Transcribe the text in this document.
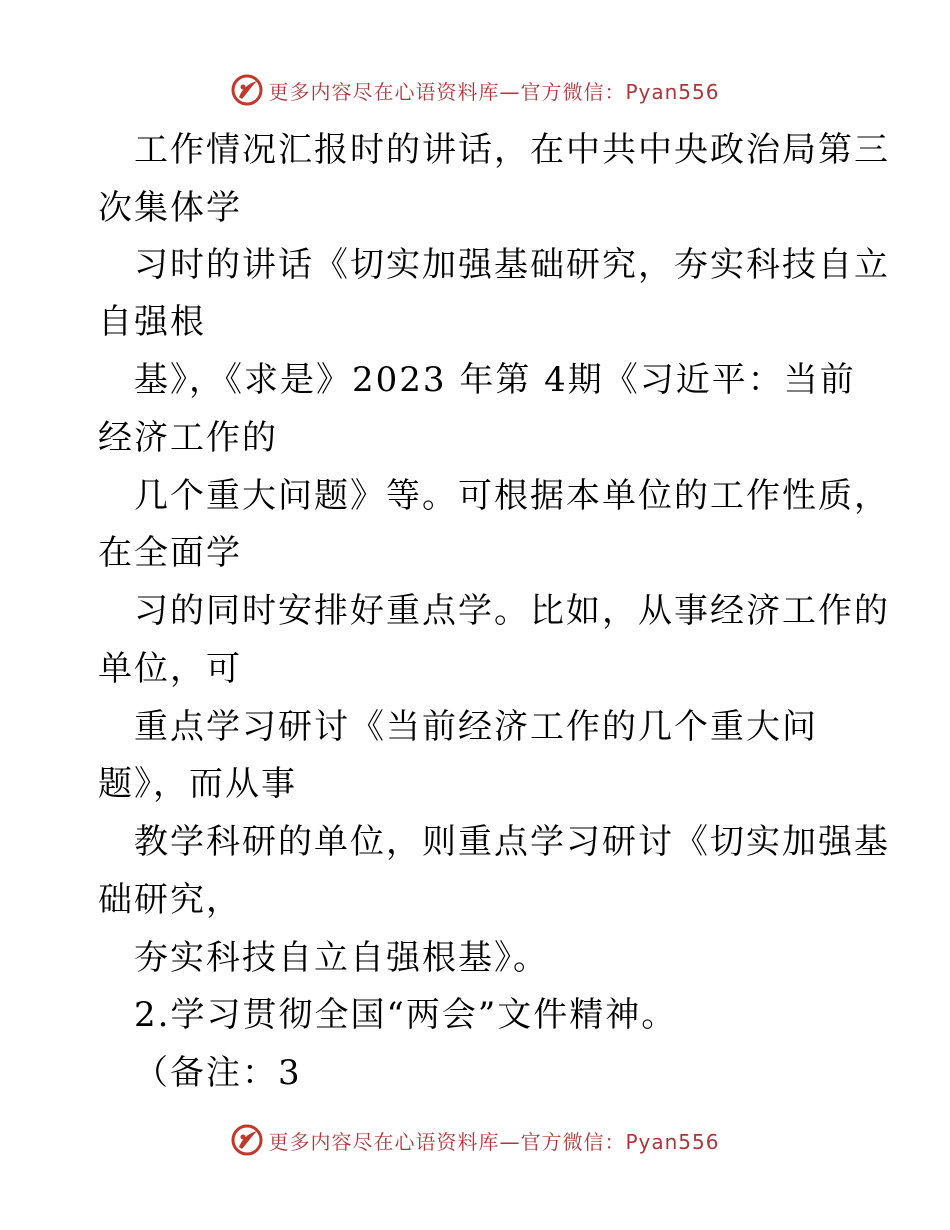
更多内容尽在心语资料库—官方微信：Pyan556
工作情况汇报时的讲话，在中共中央政治局第三
次集体学
习时的讲话《切实加强基础研究，夯实科技自立
自强根
基》，《求是》2023 年第 4期《习近平：当前
经济工作的
几个重大问题》等。可根据本单位的工作性质，
在全面学
习的同时安排好重点学。比如，从事经济工作的
单位，可
重点学习研讨《当前经济工作的几个重大问
题》，而从事
教学科研的单位，则重点学习研讨《切实加强基
础研究，
夯实科技自立自强根基》。
2.学习贯彻全国“两会”文件精神。
（备注：3
更多内容尽在心语资料库—官方微信：Pyan556
